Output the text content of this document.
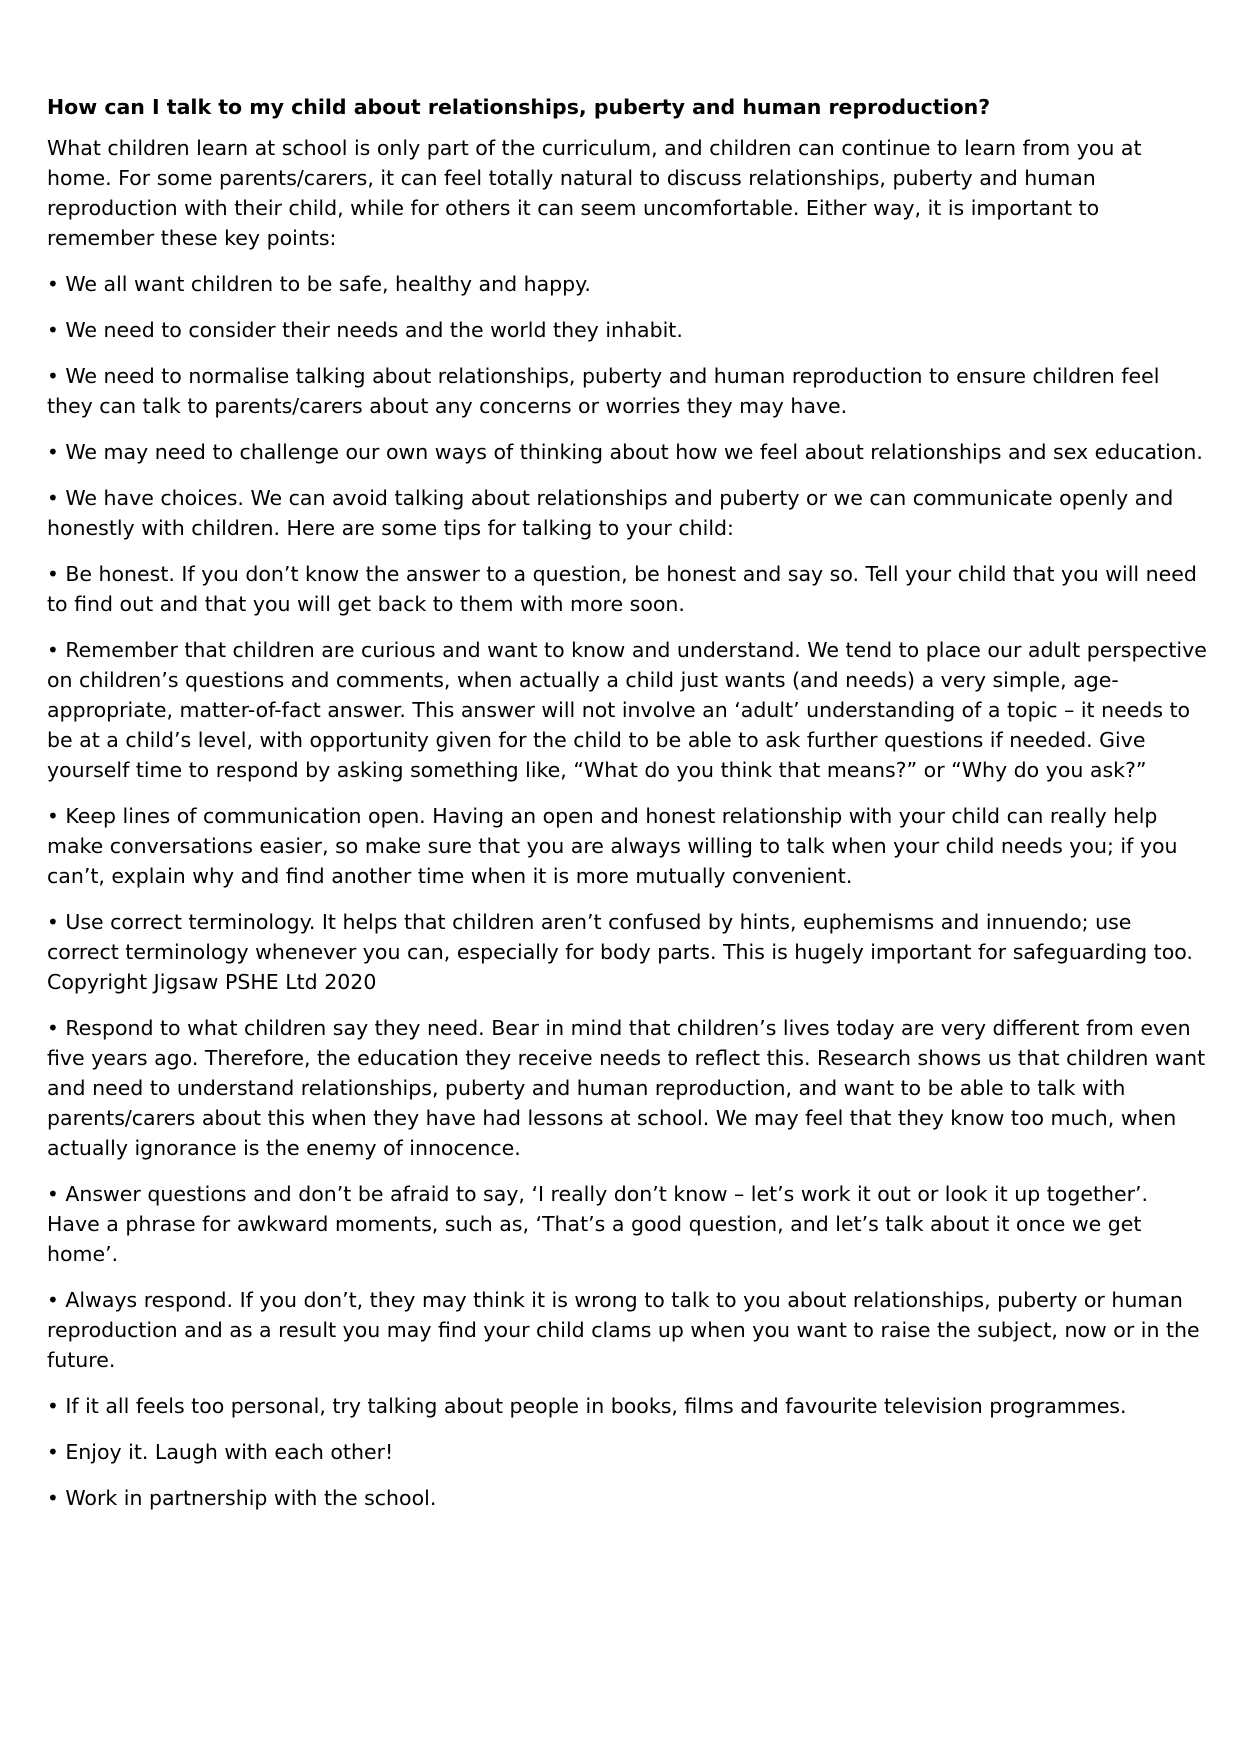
How can I talk to my child about relationships, puberty and human reproduction?

What children learn at school is only part of the curriculum, and children can continue to learn from you at home. For some parents/carers, it can feel totally natural to discuss relationships, puberty and human reproduction with their child, while for others it can seem uncomfortable. Either way, it is important to remember these key points:

• We all want children to be safe, healthy and happy.
• We need to consider their needs and the world they inhabit.
• We need to normalise talking about relationships, puberty and human reproduction to ensure children feel they can talk to parents/carers about any concerns or worries they may have.
• We may need to challenge our own ways of thinking about how we feel about relationships and sex education.
• We have choices. We can avoid talking about relationships and puberty or we can communicate openly and honestly with children. Here are some tips for talking to your child:
• Be honest. If you don’t know the answer to a question, be honest and say so. Tell your child that you will need to find out and that you will get back to them with more soon.
• Remember that children are curious and want to know and understand. We tend to place our adult perspective on children’s questions and comments, when actually a child just wants (and needs) a very simple, age-appropriate, matter-of-fact answer. This answer will not involve an ‘adult’ understanding of a topic – it needs to be at a child’s level, with opportunity given for the child to be able to ask further questions if needed. Give yourself time to respond by asking something like, “What do you think that means?” or “Why do you ask?”
• Keep lines of communication open. Having an open and honest relationship with your child can really help make conversations easier, so make sure that you are always willing to talk when your child needs you; if you can’t, explain why and find another time when it is more mutually convenient.
• Use correct terminology. It helps that children aren’t confused by hints, euphemisms and innuendo; use correct terminology whenever you can, especially for body parts. This is hugely important for safeguarding too.
Copyright Jigsaw PSHE Ltd 2020
• Respond to what children say they need. Bear in mind that children’s lives today are very different from even five years ago. Therefore, the education they receive needs to reflect this. Research shows us that children want and need to understand relationships, puberty and human reproduction, and want to be able to talk with parents/carers about this when they have had lessons at school. We may feel that they know too much, when actually ignorance is the enemy of innocence.
• Answer questions and don’t be afraid to say, ‘I really don’t know – let’s work it out or look it up together’. Have a phrase for awkward moments, such as, ‘That’s a good question, and let’s talk about it once we get home’.
• Always respond. If you don’t, they may think it is wrong to talk to you about relationships, puberty or human reproduction and as a result you may find your child clams up when you want to raise the subject, now or in the future.
• If it all feels too personal, try talking about people in books, films and favourite television programmes.
• Enjoy it. Laugh with each other!
• Work in partnership with the school.
